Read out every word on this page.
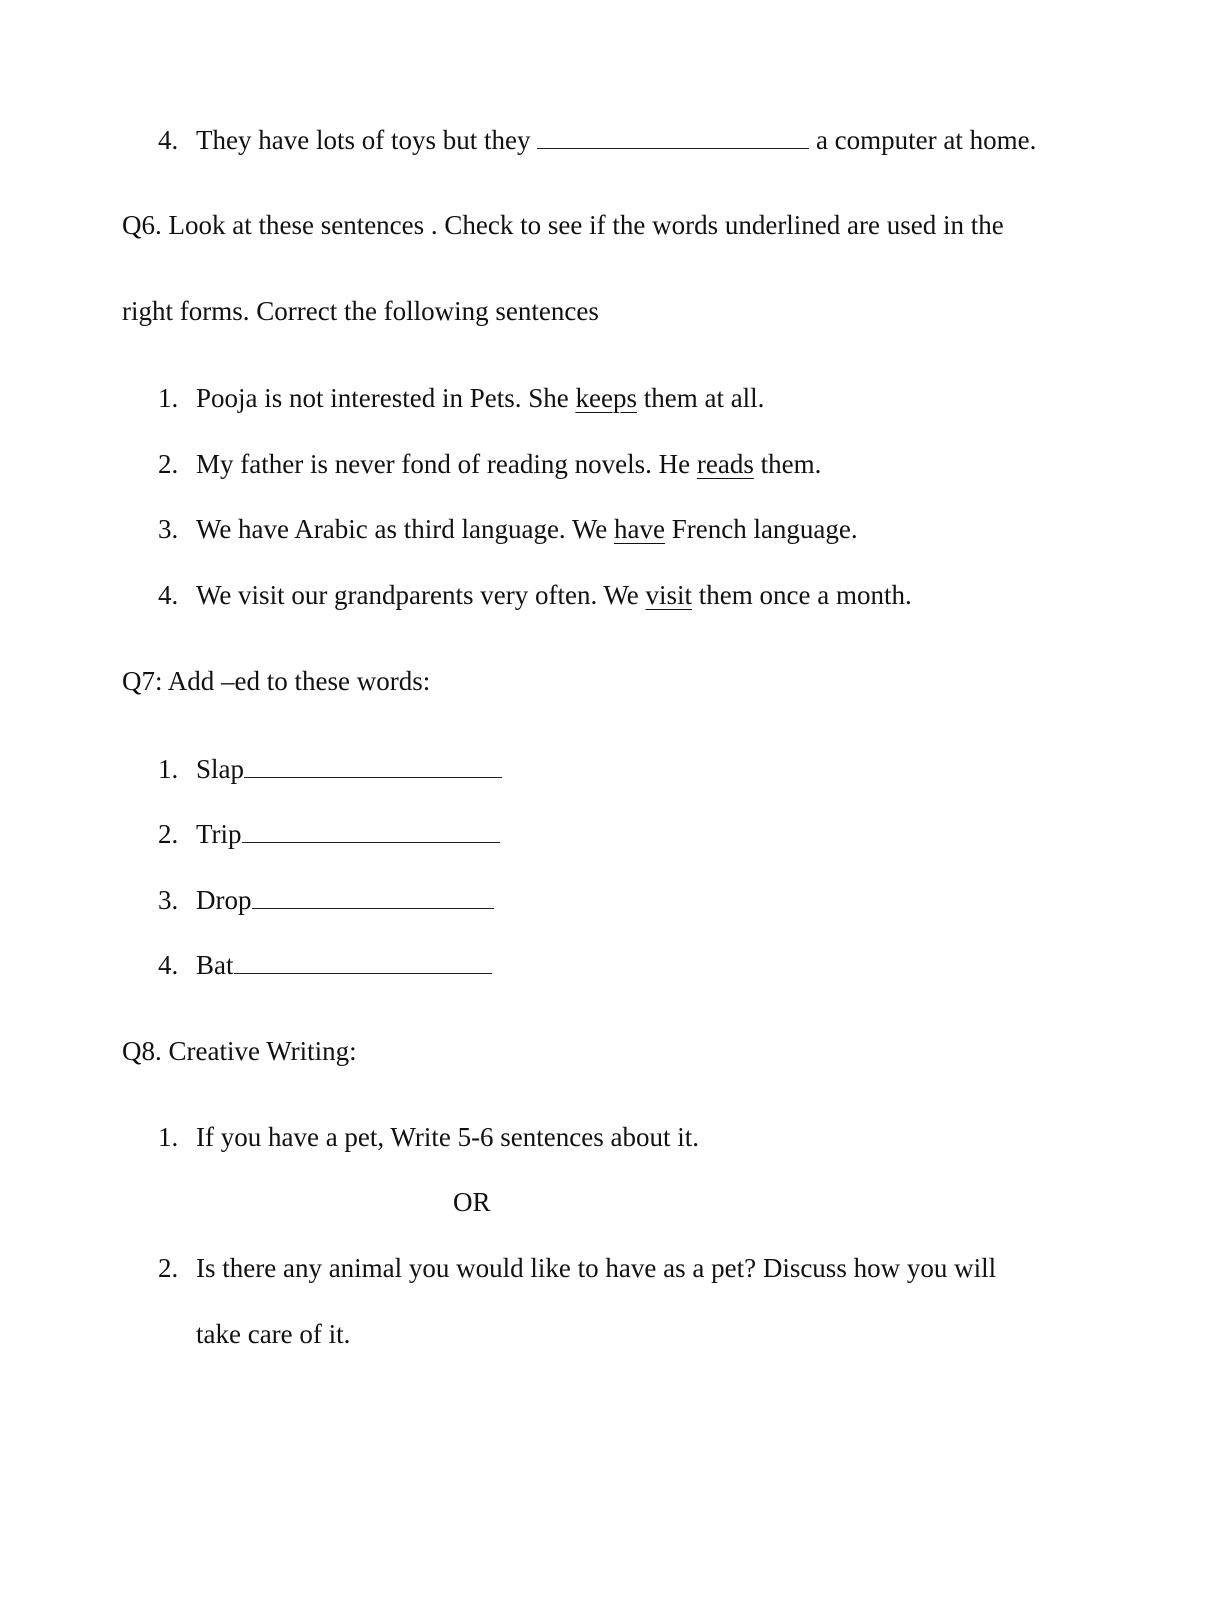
4. They have lots of toys but they	a computer at home.
Q6. Look at these sentences . Check to see if the words underlined are used in the
right forms. Correct the following sentences
1. Pooja is not interested in Pets. She keeps them at all.
2. My father is never fond of reading novels. He reads them.
3. We have Arabic as third language. We have French language.
4. We visit our grandparents very often. We visit them once a month.
Q7: Add –ed to these words:
1. Slap
2. Trip
3. Drop
4. Bat
Q8. Creative Writing:
1. If you have a pet, Write 5-6 sentences about it.
OR
2. Is there any animal you would like to have as a pet? Discuss how you will
take care of it.
